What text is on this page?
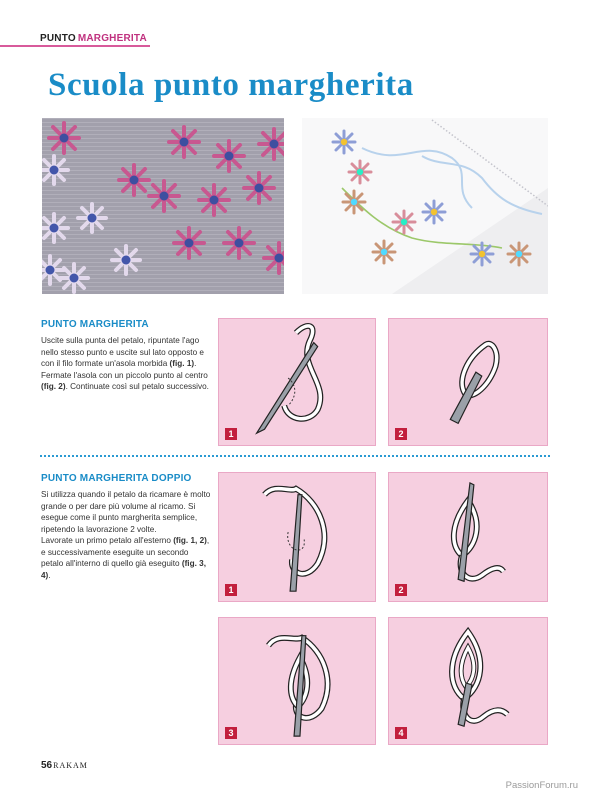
PUNTO MARGHERITA
Scuola punto margherita
PUNTO MARGHERITA
Uscite sulla punta del petalo, ripuntate l'ago nello stesso punto e uscite sul lato opposto e con il filo formate un'asola morbida (fig. 1).
Fermate l'asola con un piccolo punto al centro (fig. 2). Continuate così sul petalo successivo.
1	2
PUNTO MARGHERITA DOPPIO
Si utilizza quando il petalo da ricamare è molto grande o per dare più volume al ricamo. Si esegue come il punto margherita semplice, ripetendo la lavorazione 2 volte.
Lavorate un primo petalo all'esterno (fig. 1, 2), e successivamente eseguite un secondo petalo all'interno di quello già eseguito (fig. 3, 4).
1	2
3	4
56RAKAM
PassionForum.ru
